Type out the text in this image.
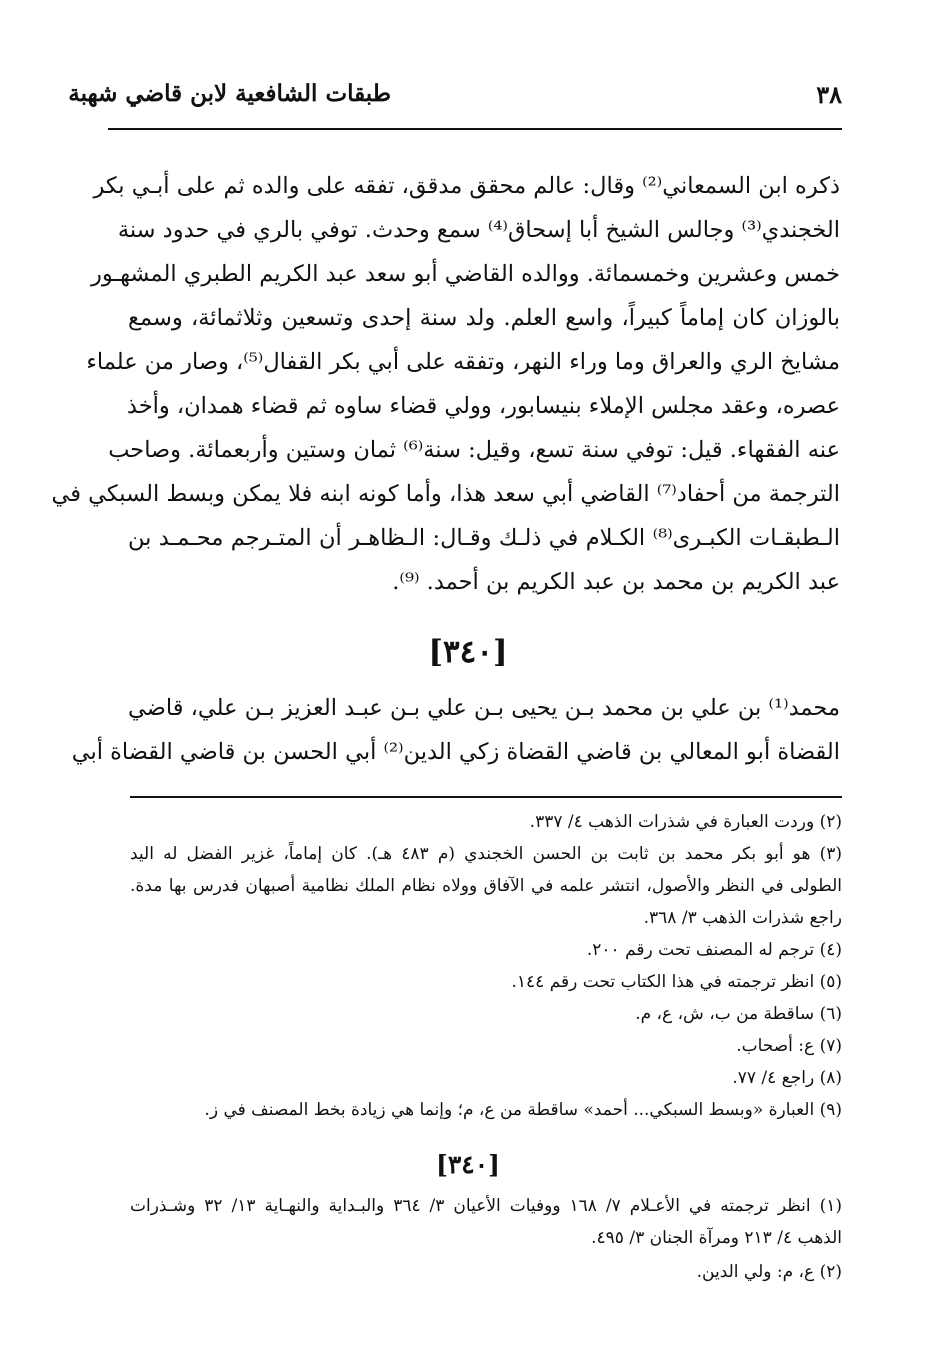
طبقات الشافعية لابن قاضي شهبة	٣٨
ذكره ابن السمعاني⁽²⁾ وقال: عالم محقق مدقق، تفقه على والده ثم على أبـي بكر
الخجندي⁽³⁾ وجالس الشيخ أبا إسحاق⁽⁴⁾ سمع وحدث. توفي بالري في حدود سنة
خمس وعشرين وخمسمائة. ووالده القاضي أبو سعد عبد الكريم الطبري المشهـور
بالوزان كان إماماً كبيراً، واسع العلم. ولد سنة إحدى وتسعين وثلاثمائة، وسمع
مشايخ الري والعراق وما وراء النهر، وتفقه على أبي بكر القفال⁽⁵⁾، وصار من علماء
عصره، وعقد مجلس الإملاء بنيسابور، وولي قضاء ساوه ثم قضاء همدان، وأخذ
عنه الفقهاء. قيل: توفي سنة تسع، وقيل: سنة⁽⁶⁾ ثمان وستين وأربعمائة. وصاحب
الترجمة من أحفاد⁽⁷⁾ القاضي أبي سعد هذا، وأما كونه ابنه فلا يمكن وبسط السبكي في
الـطبقـات الكبـرى⁽⁸⁾ الكـلام في ذلـك وقـال: الـظاهـر أن المتـرجم محـمـد بن
عبد الكريم بن محمد بن عبد الكريم بن أحمد. ⁽⁹⁾.
[٣٤٠]
محمد⁽¹⁾ بن علي بن محمد بـن يحيى بـن علي بـن عبـد العزيز بـن علي، قاضي
القضاة أبو المعالي بن قاضي القضاة زكي الدين⁽²⁾ أبي الحسن بن قاضي القضاة أبي
(٢) وردت العبارة في شذرات الذهب ٤/ ٣٣٧.
(٣) هو أبو بكر محمد بن ثابت بن الحسن الخجندي (م ٤٨٣ هـ). كان إماماً، غزير الفضل له اليد
الطولى في النظر والأصول، انتشر علمه في الآفاق وولاه نظام الملك نظامية أصبهان فدرس بها مدة.
راجع شذرات الذهب ٣/ ٣٦٨.
(٤) ترجم له المصنف تحت رقم ٢٠٠.
(٥) انظر ترجمته في هذا الكتاب تحت رقم ١٤٤.
(٦) ساقطة من ب، ش، ع، م.
(٧) ع: أصحاب.
(٨) راجع ٤/ ٧٧.
(٩) العبارة «وبسط السبكي... أحمد» ساقطة من ع، م؛ وإنما هي زيادة بخط المصنف في ز.
[٣٤٠]
(١) انظر ترجمته في الأعـلام ٧/ ١٦٨ ووفيات الأعيان ٣/ ٣٦٤ والبـداية والنهـاية ١٣/ ٣٢ وشـذرات
الذهب ٤/ ٢١٣ ومرآة الجنان ٣/ ٤٩٥.
(٢) ع، م: ولي الدين.
